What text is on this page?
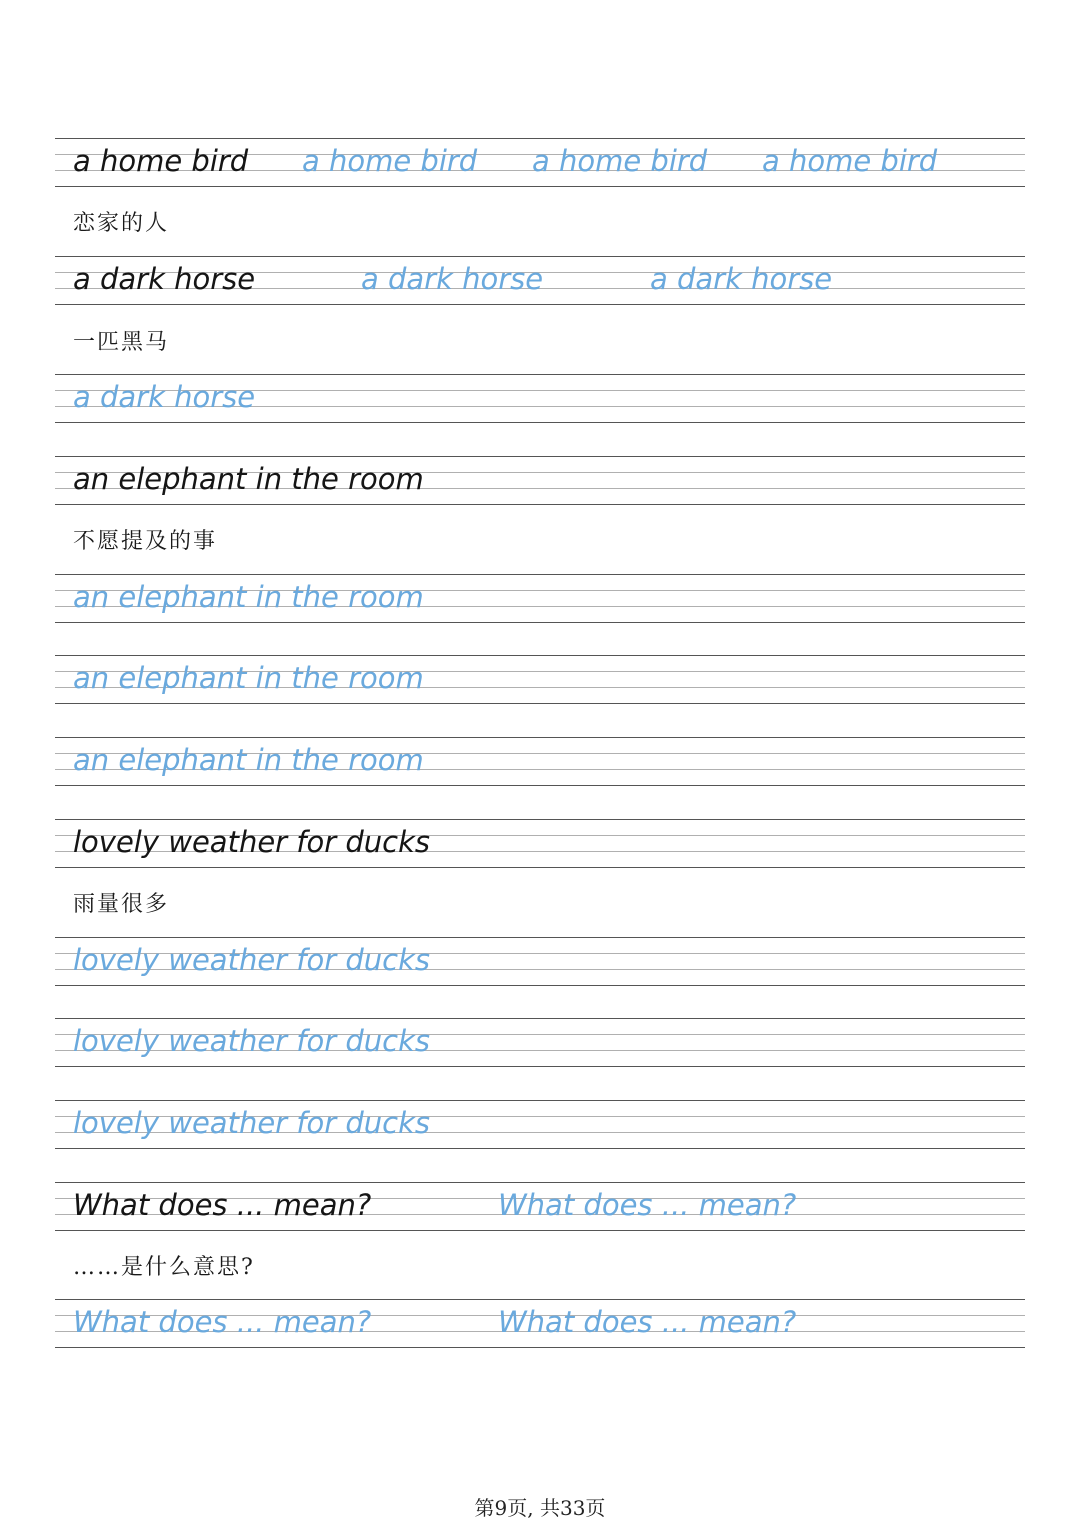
a home bird a home bird a home bird a home bird
恋家的人
a dark horse	a dark horse	a dark horse
一匹黑马
a dark horse
an elephant in the room
不愿提及的事
an elephant in the room
an elephant in the room
an elephant in the room
lovely weather for ducks
雨量很多
lovely weather for ducks
lovely weather for ducks
lovely weather for ducks
What does ... mean?	What does ... mean?
……是什么意思?
What does ... mean?	What does ... mean?
第9页, 共33页
